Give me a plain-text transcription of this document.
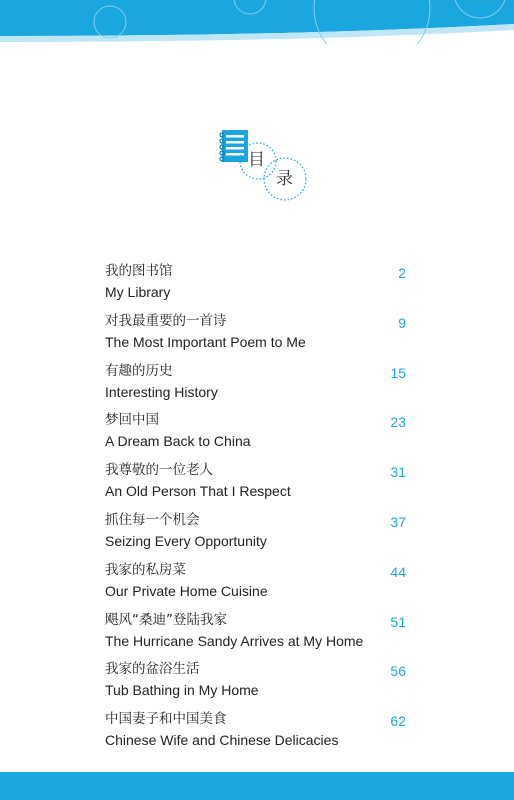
目
录
我的图书馆
My Library
2
对我最重要的一首诗
The Most Important Poem to Me
9
有趣的历史
Interesting History
15
梦回中国
A Dream Back to China
23
我尊敬的一位老人
An Old Person That I Respect
31
抓住每一个机会
Seizing Every Opportunity
37
我家的私房菜
Our Private Home Cuisine
44
飓风“桑迪”登陆我家
The Hurricane Sandy Arrives at My Home
51
我家的盆浴生活
Tub Bathing in My Home
56
中国妻子和中国美食
Chinese Wife and Chinese Delicacies
62
